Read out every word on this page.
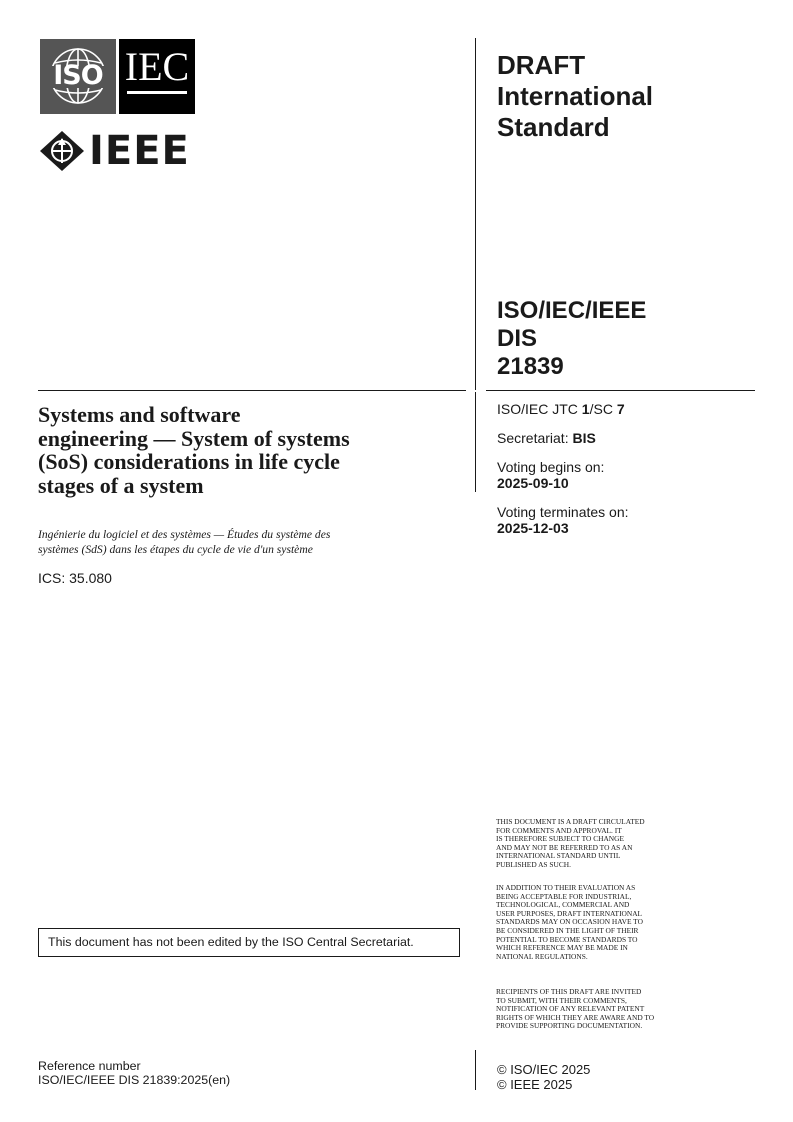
ISO IEC
IEEE
DRAFT
International
Standard
ISO/IEC/IEEE
DIS
21839
ISO/IEC JTC 1/SC 7
Secretariat: BIS
Voting begins on:
2025-09-10
Voting terminates on:
2025-12-03
THIS DOCUMENT IS A DRAFT CIRCULATED
FOR COMMENTS AND APPROVAL. IT
IS THEREFORE SUBJECT TO CHANGE
AND MAY NOT BE REFERRED TO AS AN
INTERNATIONAL STANDARD UNTIL
PUBLISHED AS SUCH.
IN ADDITION TO THEIR EVALUATION AS
BEING ACCEPTABLE FOR INDUSTRIAL,
TECHNOLOGICAL, COMMERCIAL AND
USER PURPOSES, DRAFT INTERNATIONAL
STANDARDS MAY ON OCCASION HAVE TO
BE CONSIDERED IN THE LIGHT OF THEIR
POTENTIAL TO BECOME STANDARDS TO
WHICH REFERENCE MAY BE MADE IN
NATIONAL REGULATIONS.
RECIPIENTS OF THIS DRAFT ARE INVITED
TO SUBMIT, WITH THEIR COMMENTS,
NOTIFICATION OF ANY RELEVANT PATENT
RIGHTS OF WHICH THEY ARE AWARE AND TO
PROVIDE SUPPORTING DOCUMENTATION.
© ISO/IEC 2025
© IEEE 2025
Systems and software
engineering — System of systems
(SoS) considerations in life cycle
stages of a system
Ingénierie du logiciel et des systèmes — Études du système des
systèmes (SdS) dans les étapes du cycle de vie d'un système
ICS: 35.080
This document has not been edited by the ISO Central Secretariat.
Reference number
ISO/IEC/IEEE DIS 21839:2025(en)
